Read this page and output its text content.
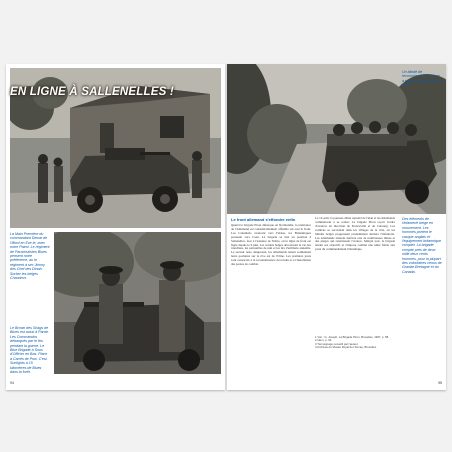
EN LIGNE À SALLENELLES !
La Main Première du commandant Dewar de l'Ilford en Eve le, avec notre Patrol. Le régiment de Parachutistes Blues pensent notre préférence, au le régiment à sec Jimmy des Chef des Dinah. Sorber les belges Chaudron.
Le Brown des Shags de Blues est aussi à Paratr. Les Commandos débarqués par le feu pendant la guerre. Le Blue Brigade à Sous d'Officier en Bas. Place à Carrés de Pow. C'est. Sunlights à 15 kilomètres de Blues dans la forêt.
94
Un blindé de reconnaissance avance à travers champs vers la côte.
Le front allemand s'effondre enfin
Quand la brigade Piron débarque en Normandie, la résistance de l'Allemand est considérablement affaiblie sur tout le front. Les Canadiens avancent vers Falaise, les Britanniques poussent vers Caen. La brigade se met en position à Sallenelles, face à l'estuaire de l'Orne, où la ligne de front est figée depuis le 6 juin. Les soldats belges découvrent la vie des tranchées, les patrouilles de nuit et les tirs d'artillerie ennemis. Le secteur reste dangereux, les Allemands tenant solidement leurs positions sur la rive est de l'Orne. Les premiers jours sont consacrés à la reconnaissance du terrain et à l'installation des postes de combat.
Le 16 août, la poussée alliée reprend de l'élan et les Allemands commencent à se retirer. La brigade Piron reçoit l'ordre d'avancer en direction de Franceville et de Cabourg. Les combats se succèdent dans les villages de la côte, où les blindés belges progressent prudemment derrière l'infanterie. Les Allemands laissent derrière eux de nombreuses mines et des pièges qui ralentissent l'avance. Malgré tout, la brigade atteint ses objectifs et s'impose comme une unité fiable aux yeux du commandement britannique.
1 Voir : G. Joseph, La Brigade Piron, Bruxelles, 1997, p. 58.
2 Idem, p. 62.
3 Témoignage recueilli par l'auteur.
4 Archives du Musée Royal de l'Armée, Bruxelles.
Des éléments de l'infanterie belge en mouvement. Les hommes portent le casque anglais et l'équipement britannique complet. La brigade compte près de deux mille deux cents hommes, pour la plupart des volontaires venus de Grande-Bretagne et du Canada.
95
